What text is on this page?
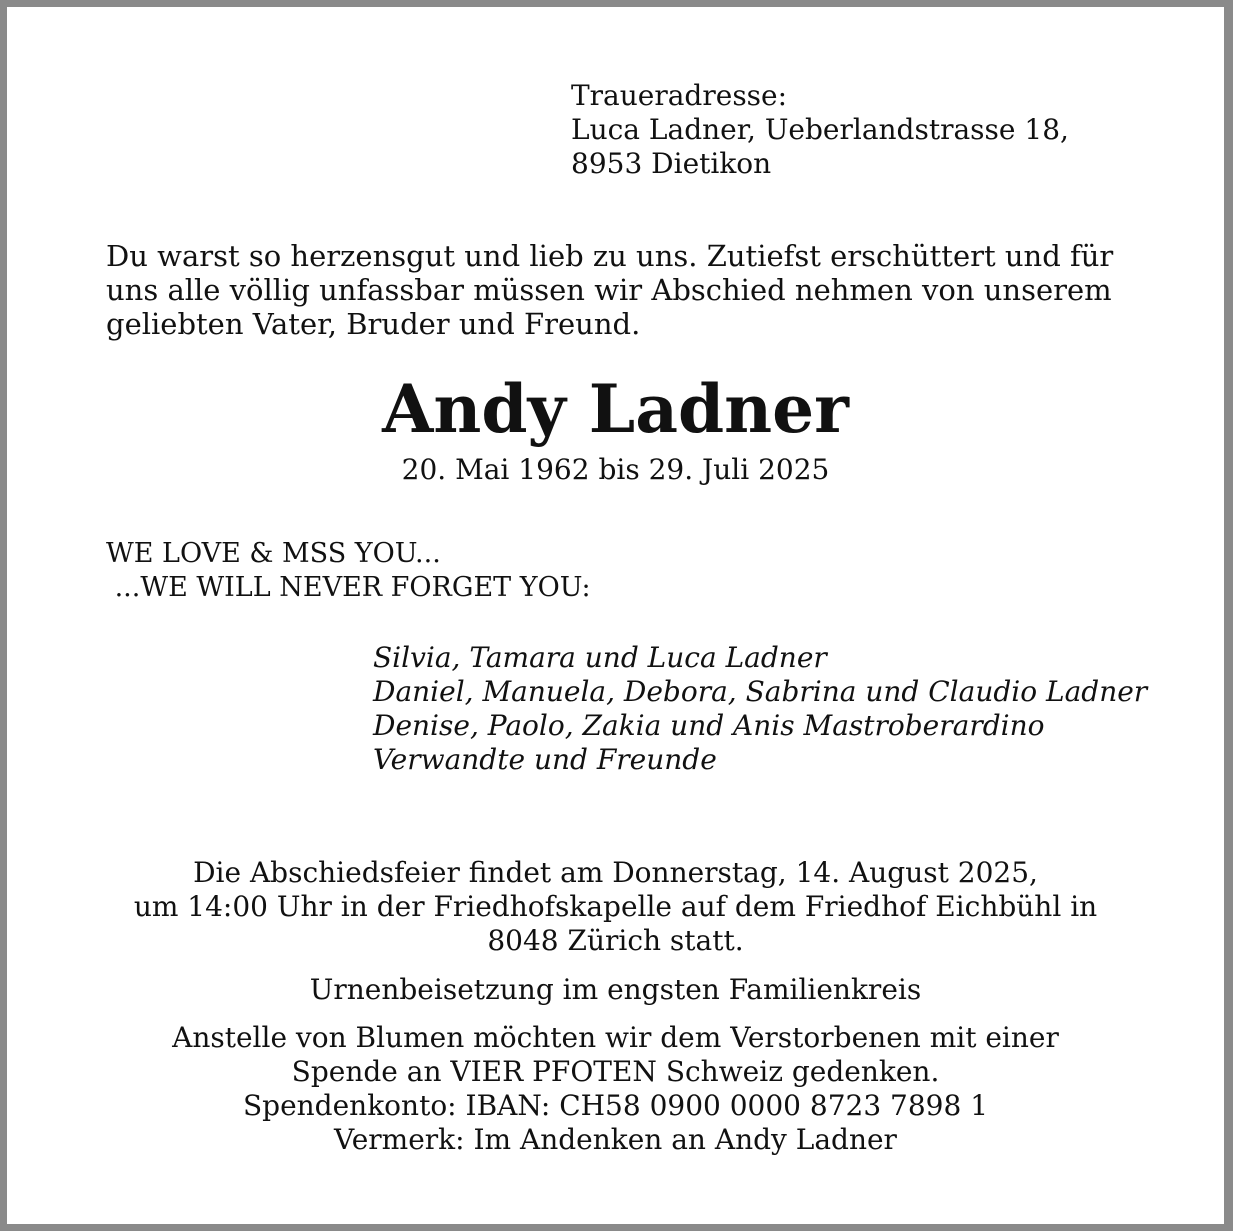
Traueradresse:
Luca Ladner, Ueberlandstrasse 18,
8953 Dietikon
Du warst so herzensgut und lieb zu uns. Zutiefst erschüttert und für
uns alle völlig unfassbar müssen wir Abschied nehmen von unserem
geliebten Vater, Bruder und Freund.
Andy Ladner
20. Mai 1962 bis 29. Juli 2025
WE LOVE & MSS YOU...
...WE WILL NEVER FORGET YOU:
Silvia, Tamara und Luca Ladner
Daniel, Manuela, Debora, Sabrina und Claudio Ladner
Denise, Paolo, Zakia und Anis Mastroberardino
Verwandte und Freunde
Die Abschiedsfeier findet am Donnerstag, 14. August 2025,
um 14:00 Uhr in der Friedhofskapelle auf dem Friedhof Eichbühl in
8048 Zürich statt.
Urnenbeisetzung im engsten Familienkreis
Anstelle von Blumen möchten wir dem Verstorbenen mit einer
Spende an VIER PFOTEN Schweiz gedenken.
Spendenkonto: IBAN: CH58 0900 0000 8723 7898 1
Vermerk: Im Andenken an Andy Ladner
